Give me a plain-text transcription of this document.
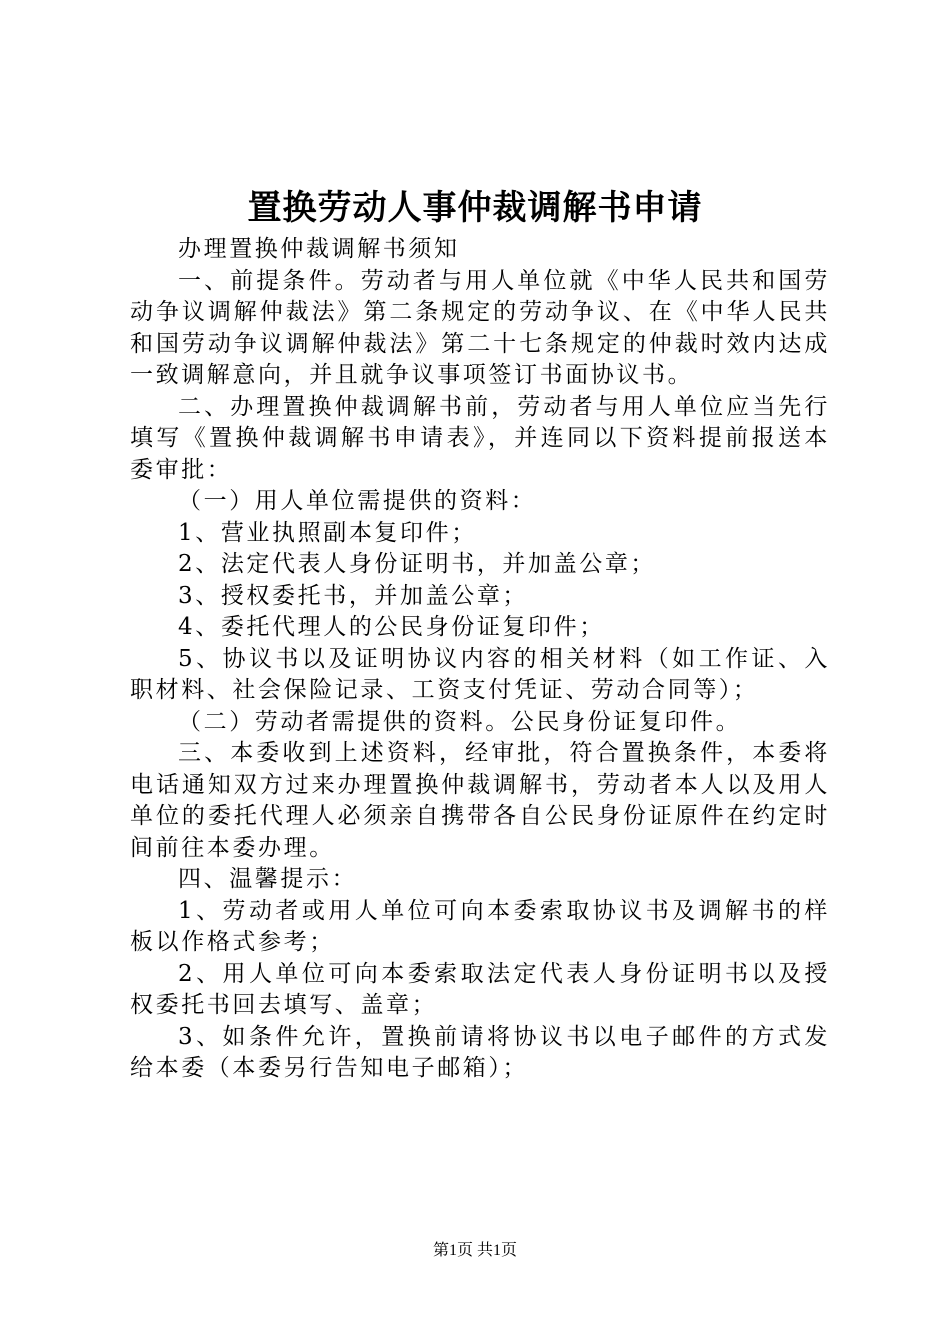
置换劳动人事仲裁调解书申请

办理置换仲裁调解书须知

一、前提条件。劳动者与用人单位就《中华人民共和国劳动争议调解仲裁法》第二条规定的劳动争议、在《中华人民共和国劳动争议调解仲裁法》第二十七条规定的仲裁时效内达成一致调解意向，并且就争议事项签订书面协议书。

二、办理置换仲裁调解书前，劳动者与用人单位应当先行填写《置换仲裁调解书申请表》，并连同以下资料提前报送本委审批：

（一）用人单位需提供的资料：

1、营业执照副本复印件；

2、法定代表人身份证明书，并加盖公章；

3、授权委托书，并加盖公章；

4、委托代理人的公民身份证复印件；

5、协议书以及证明协议内容的相关材料（如工作证、入职材料、社会保险记录、工资支付凭证、劳动合同等）；

（二）劳动者需提供的资料。公民身份证复印件。

三、本委收到上述资料，经审批，符合置换条件，本委将电话通知双方过来办理置换仲裁调解书，劳动者本人以及用人单位的委托代理人必须亲自携带各自公民身份证原件在约定时间前往本委办理。

四、温馨提示：

1、劳动者或用人单位可向本委索取协议书及调解书的样板以作格式参考；

2、用人单位可向本委索取法定代表人身份证明书以及授权委托书回去填写、盖章；

3、如条件允许，置换前请将协议书以电子邮件的方式发给本委（本委另行告知电子邮箱）；

第1页 共1页
